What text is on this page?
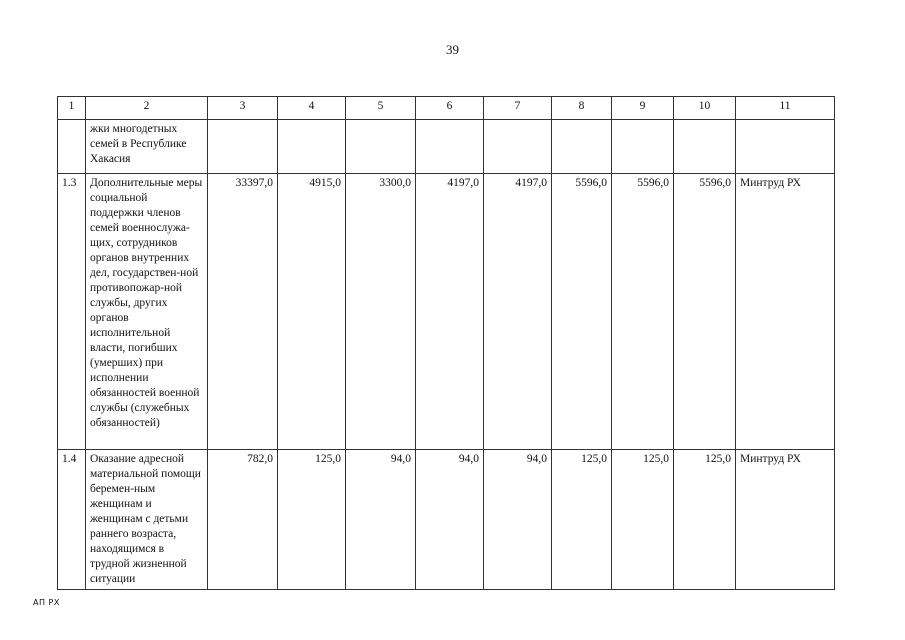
39
1	2	3	4	5	6	7	8	9	10	11
	жки многодетных семей в Республике Хакасия									
1.3	Дополнительные меры социальной поддержки членов семей военнослужа-щих, сотрудников органов внутренних дел, государствен-ной противопожар-ной службы, других органов исполнительной власти, погибших (умерших) при исполнении обязанностей военной службы (служебных обязанностей)	33397,0	4915,0	3300,0	4197,0	4197,0	5596,0	5596,0	5596,0	Минтруд РХ
1.4	Оказание адресной материальной помощи беремен-ным женщинам и женщинам с детьми раннего возраста, находящимся в трудной жизненной ситуации	782,0	125,0	94,0	94,0	94,0	125,0	125,0	125,0	Минтруд РХ
АП РХ
